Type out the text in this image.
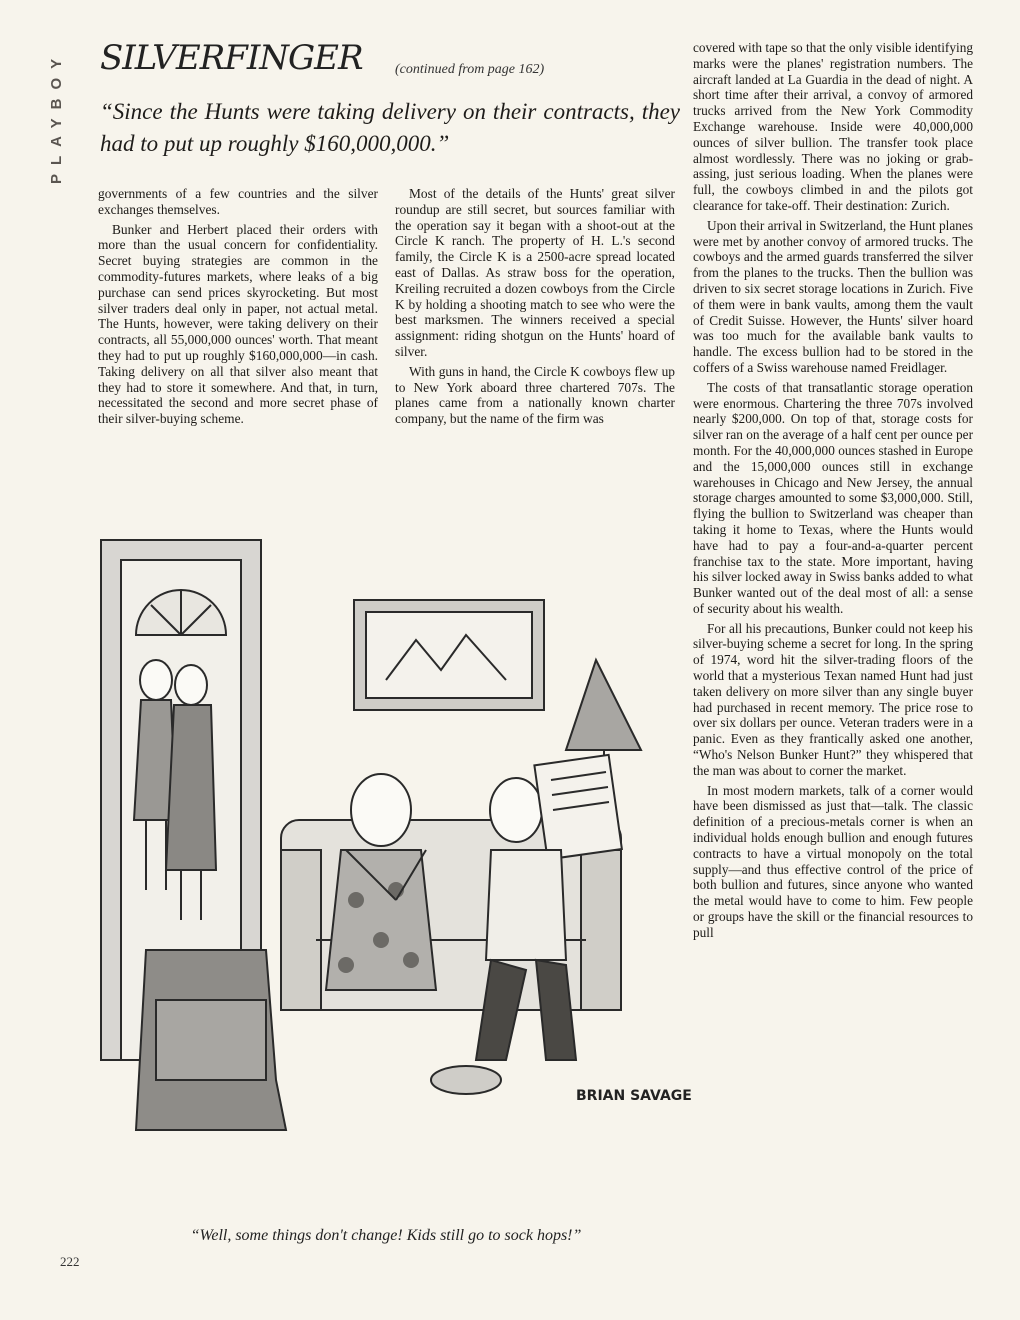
PLAYBOY	SILVERFINGER (continued from page 162)
“Since the Hunts were taking delivery on their contracts, they had to put up roughly $160,000,000.”

governments of a few countries and the silver exchanges themselves.

Bunker and Herbert placed their orders with more than the usual concern for confidentiality. Secret buying strategies are common in the commodity-futures markets, where leaks of a big purchase can send prices skyrocketing. But most silver traders deal only in paper, not actual metal. The Hunts, however, were taking delivery on their contracts, all 55,000,000 ounces' worth. That meant they had to put up roughly $160,000,000—in cash. Taking delivery on all that silver also meant that they had to store it somewhere. And that, in turn, necessitated the second and more secret phase of their silver-buying scheme.

Most of the details of the Hunts' great silver roundup are still secret, but sources familiar with the operation say it began with a shoot-out at the Circle K ranch. The property of H. L.'s second family, the Circle K is a 2500-acre spread located east of Dallas. As straw boss for the operation, Kreiling recruited a dozen cowboys from the Circle K by holding a shooting match to see who were the best marksmen. The winners received a special assignment: riding shotgun on the Hunts' hoard of silver.

With guns in hand, the Circle K cowboys flew up to New York aboard three chartered 707s. The planes came from a nationally known charter company, but the name of the firm was

covered with tape so that the only visible identifying marks were the planes' registration numbers. The aircraft landed at La Guardia in the dead of night. A short time after their arrival, a convoy of armored trucks arrived from the New York Commodity Exchange warehouse. Inside were 40,000,000 ounces of silver bullion. The transfer took place almost wordlessly. There was no joking or grab-assing, just serious loading. When the planes were full, the cowboys climbed in and the pilots got clearance for take-off. Their destination: Zurich.

Upon their arrival in Switzerland, the Hunt planes were met by another convoy of armored trucks. The cowboys and the armed guards transferred the silver from the planes to the trucks. Then the bullion was driven to six secret storage locations in Zurich. Five of them were in bank vaults, among them the vault of Credit Suisse. However, the Hunts' silver hoard was too much for the available bank vaults to handle. The excess bullion had to be stored in the coffers of a Swiss warehouse named Freidlager.

The costs of that transatlantic storage operation were enormous. Chartering the three 707s involved nearly $200,000. On top of that, storage costs for silver ran on the average of a half cent per ounce per month. For the 40,000,000 ounces stashed in Europe and the 15,000,000 ounces still in exchange warehouses in Chicago and New Jersey, the annual storage charges amounted to some $3,000,000. Still, flying the bullion to Switzerland was cheaper than taking it home to Texas, where the Hunts would have had to pay a four-and-a-quarter percent franchise tax to the state. More important, having his silver locked away in Swiss banks added to what Bunker wanted out of the deal most of all: a sense of security about his wealth.

For all his precautions, Bunker could not keep his silver-buying scheme a secret for long. In the spring of 1974, word hit the silver-trading floors of the world that a mysterious Texan named Hunt had just taken delivery on more silver than any single buyer had purchased in recent memory. The price rose to over six dollars per ounce. Veteran traders were in a panic. Even as they frantically asked one another, “Who's Nelson Bunker Hunt?” they whispered that the man was about to corner the market.

In most modern markets, talk of a corner would have been dismissed as just that—talk. The classic definition of a precious-metals corner is when an individual holds enough bullion and enough futures contracts to have a virtual monopoly on the total supply—and thus effective control of the price of both bullion and futures, since anyone who wanted the metal would have to come to him. Few people or groups have the skill or the financial resources to pull

BRIAN SAVAGE
“Well, some things don't change! Kids still go to sock hops!”
222
